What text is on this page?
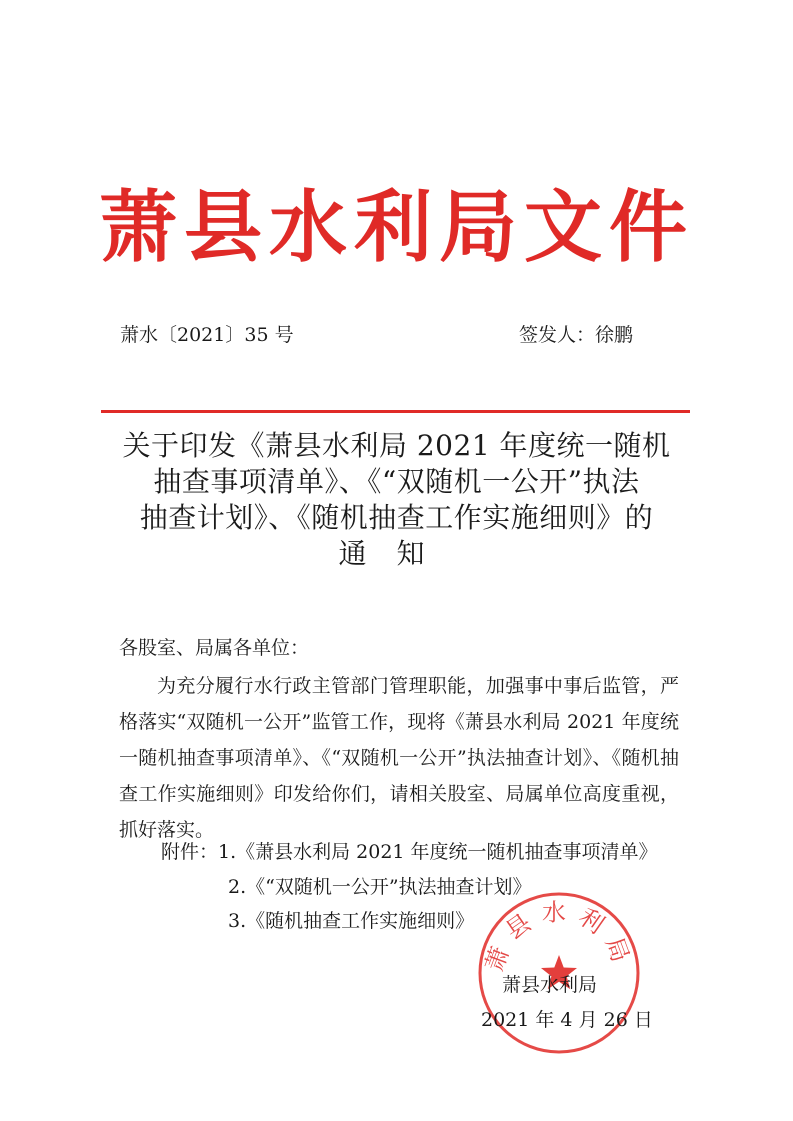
萧县水利局文件
萧水〔2021〕35 号	签发人：徐鹏
关于印发《萧县水利局 2021 年度统一随机
抽查事项清单》、《“双随机一公开”执法
抽查计划》、《随机抽查工作实施细则》的
通知
各股室、局属各单位：
为充分履行水行政主管部门管理职能，加强事中事后监管，严格落实“双随机一公开”监管工作，现将《萧县水利局 2021 年度统一随机抽查事项清单》、《“双随机一公开”执法抽查计划》、《随机抽查工作实施细则》印发给你们，请相关股室、局属单位高度重视，抓好落实。
附件：1.《萧县水利局 2021 年度统一随机抽查事项清单》
2.《“双随机一公开”执法抽查计划》
3.《随机抽查工作实施细则》
萧县水利局
萧县水利局
2021 年 4 月 26 日
